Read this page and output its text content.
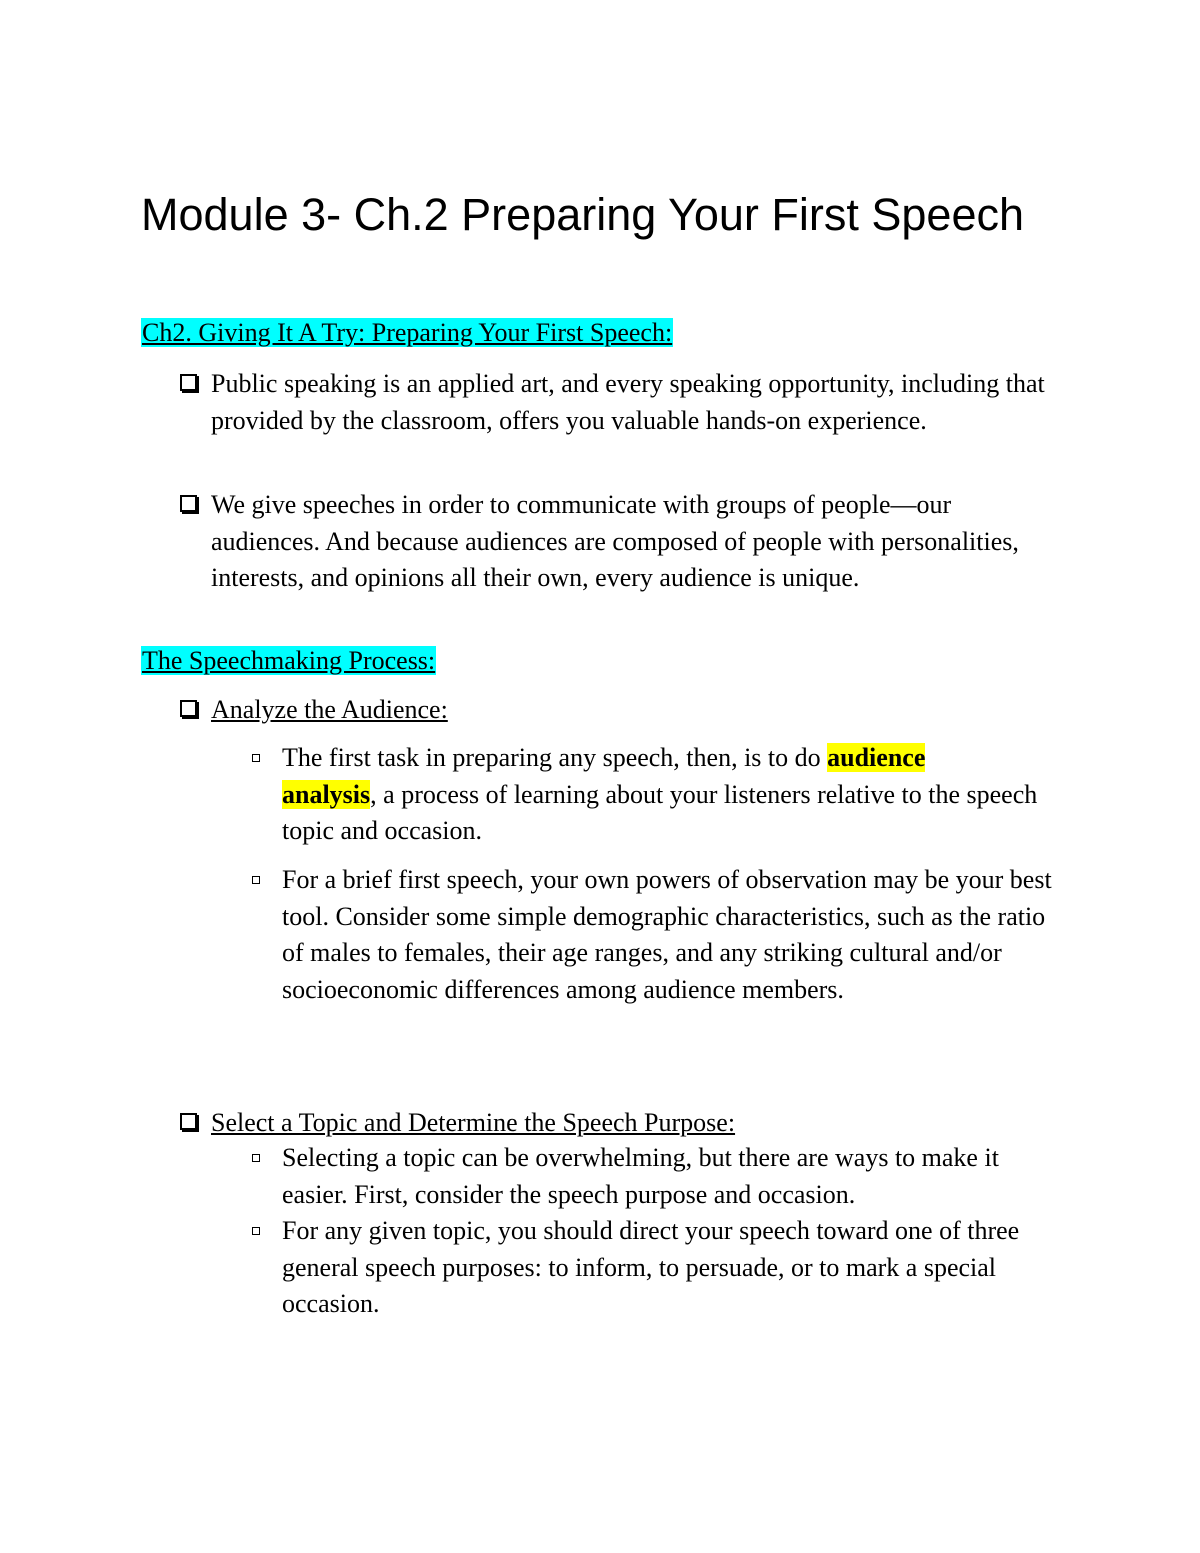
Module 3- Ch.2 Preparing Your First Speech
Ch2. Giving It A Try: Preparing Your First Speech:
Public speaking is an applied art, and every speaking opportunity, including that provided by the classroom, offers you valuable hands-on experience.
We give speeches in order to communicate with groups of people—our audiences. And because audiences are composed of people with personalities, interests, and opinions all their own, every audience is unique.
The Speechmaking Process:
Analyze the Audience:
The first task in preparing any speech, then, is to do audience
analysis, a process of learning about your listeners relative to the speech topic and occasion.
For a brief first speech, your own powers of observation may be your best tool. Consider some simple demographic characteristics, such as the ratio of males to females, their age ranges, and any striking cultural and/or socioeconomic differences among audience members.
Select a Topic and Determine the Speech Purpose:
Selecting a topic can be overwhelming, but there are ways to make it easier. First, consider the speech purpose and occasion.
For any given topic, you should direct your speech toward one of three general speech purposes: to inform, to persuade, or to mark a special occasion.
